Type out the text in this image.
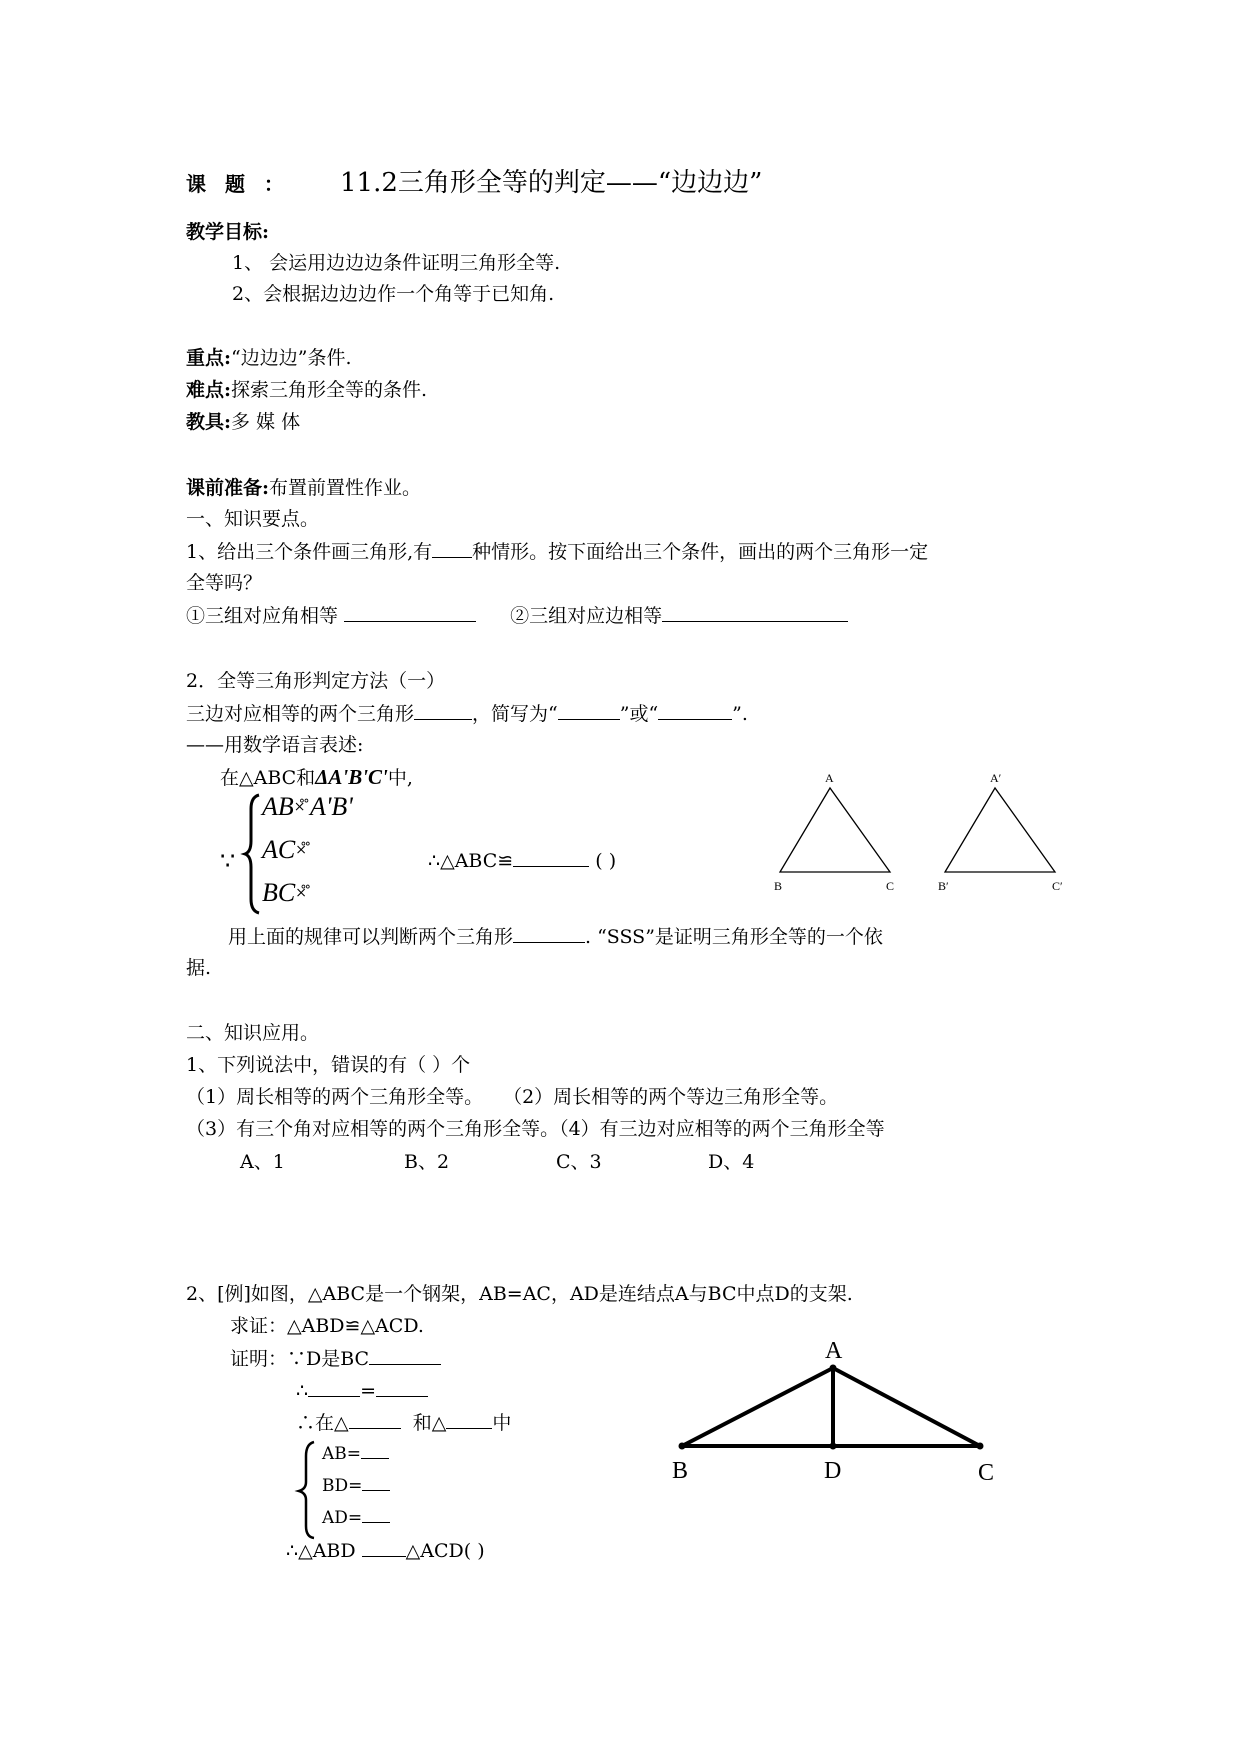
课 题 ： 11.2三角形全等的判定——“边边边”
教学目标:
1、 会运用边边边条件证明三角形全等.
2、会根据边边边作一个角等于已知角.
重点:“边边边”条件.
难点:探索三角形全等的条件.
教具:多 媒 体
课前准备:布置前置性作业。
一、知识要点。
1、给出三个条件画三角形,有 种情形。按下面给出三个条件，画出的两个三角形一定
全等吗？
①三组对应角相等	②三组对应边相等
2．全等三角形判定方法（一）
三边对应相等的两个三角形	，简写为“	”或“	”.
——用数学语言表述:
在△ABC和ΔA'B'C'中,
∵
AB×̊ ̊A'B'
AC×̊ ̊
BC×̊ ̊
∴△ABC≌	( )
A
B	C
A′
B′	C′
用上面的规律可以判断两个三角形	. “SSS”是证明三角形全等的一个依
据.
二、知识应用。
1、下列说法中，错误的有（ ）个
（1）周长相等的两个三角形全等。 （2）周长相等的两个等边三角形全等。
（3）有三个角对应相等的两个三角形全等。（4）有三边对应相等的两个三角形全等
A、1	B、2	C、3	D、4
2、[例]如图，△ABC是一个钢架，AB=AC，AD是连结点A与BC中点D的支架.
求证：△ABD≌△ACD.
证明：∵D是BC
∴	=
∴在△	和△ 中
AB=
BD=
AD=
∴△ABD	△ACD( )
A
B	D	C
